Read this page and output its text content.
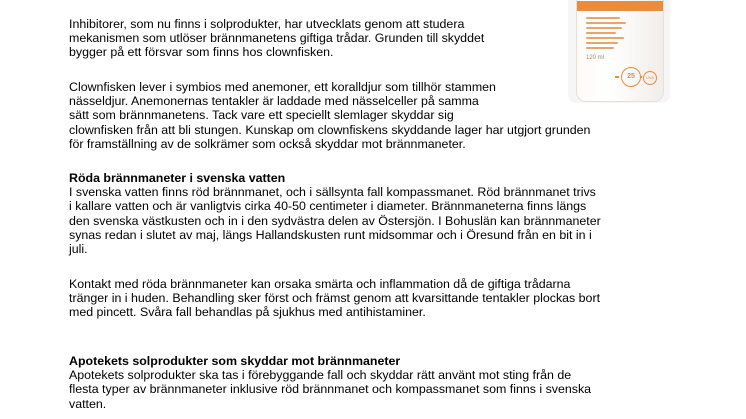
Inhibitorer, som nu finns i solprodukter, har utvecklats genom att studera
mekanismen som utlöser brännmanetens giftiga trådar. Grunden till skyddet
bygger på ett försvar som finns hos clownfisken.
Clownfisken lever i symbios med anemoner, ett koralldjur som tillhör stammen
nässeldjur. Anemonernas tentakler är laddade med nässelceller på samma
sätt som brännmanetens. Tack vare ett speciellt slemlager skyddar sig
clownfisken från att bli stungen. Kunskap om clownfiskens skyddande lager har utgjort grunden
för framställning av de solkrämer som också skyddar mot brännmaneter.
Röda brännmaneter i svenska vatten
I svenska vatten finns röd brännmanet, och i sällsynta fall kompassmanet. Röd brännmanet trivs
i kallare vatten och är vanligtvis cirka 40-50 centimeter i diameter. Brännmaneterna finns längs
den svenska västkusten och in i den sydvästra delen av Östersjön. I Bohuslän kan brännmaneter
synas redan i slutet av maj, längs Hallandskusten runt midsommar och i Öresund från en bit in i
juli.
Kontakt med röda brännmaneter kan orsaka smärta och inflammation då de giftiga trådarna
tränger in i huden. Behandling sker först och främst genom att kvarsittande tentakler plockas bort
med pincett. Svåra fall behandlas på sjukhus med antihistaminer.
Apotekets solprodukter som skyddar mot brännmaneter
Apotekets solprodukter ska tas i förebyggande fall och skyddar rätt använt mot sting från de
flesta typer av brännmaneter inklusive röd brännmanet och kompassmanet som finns i svenska
vatten.
120 ml
25	UVA
